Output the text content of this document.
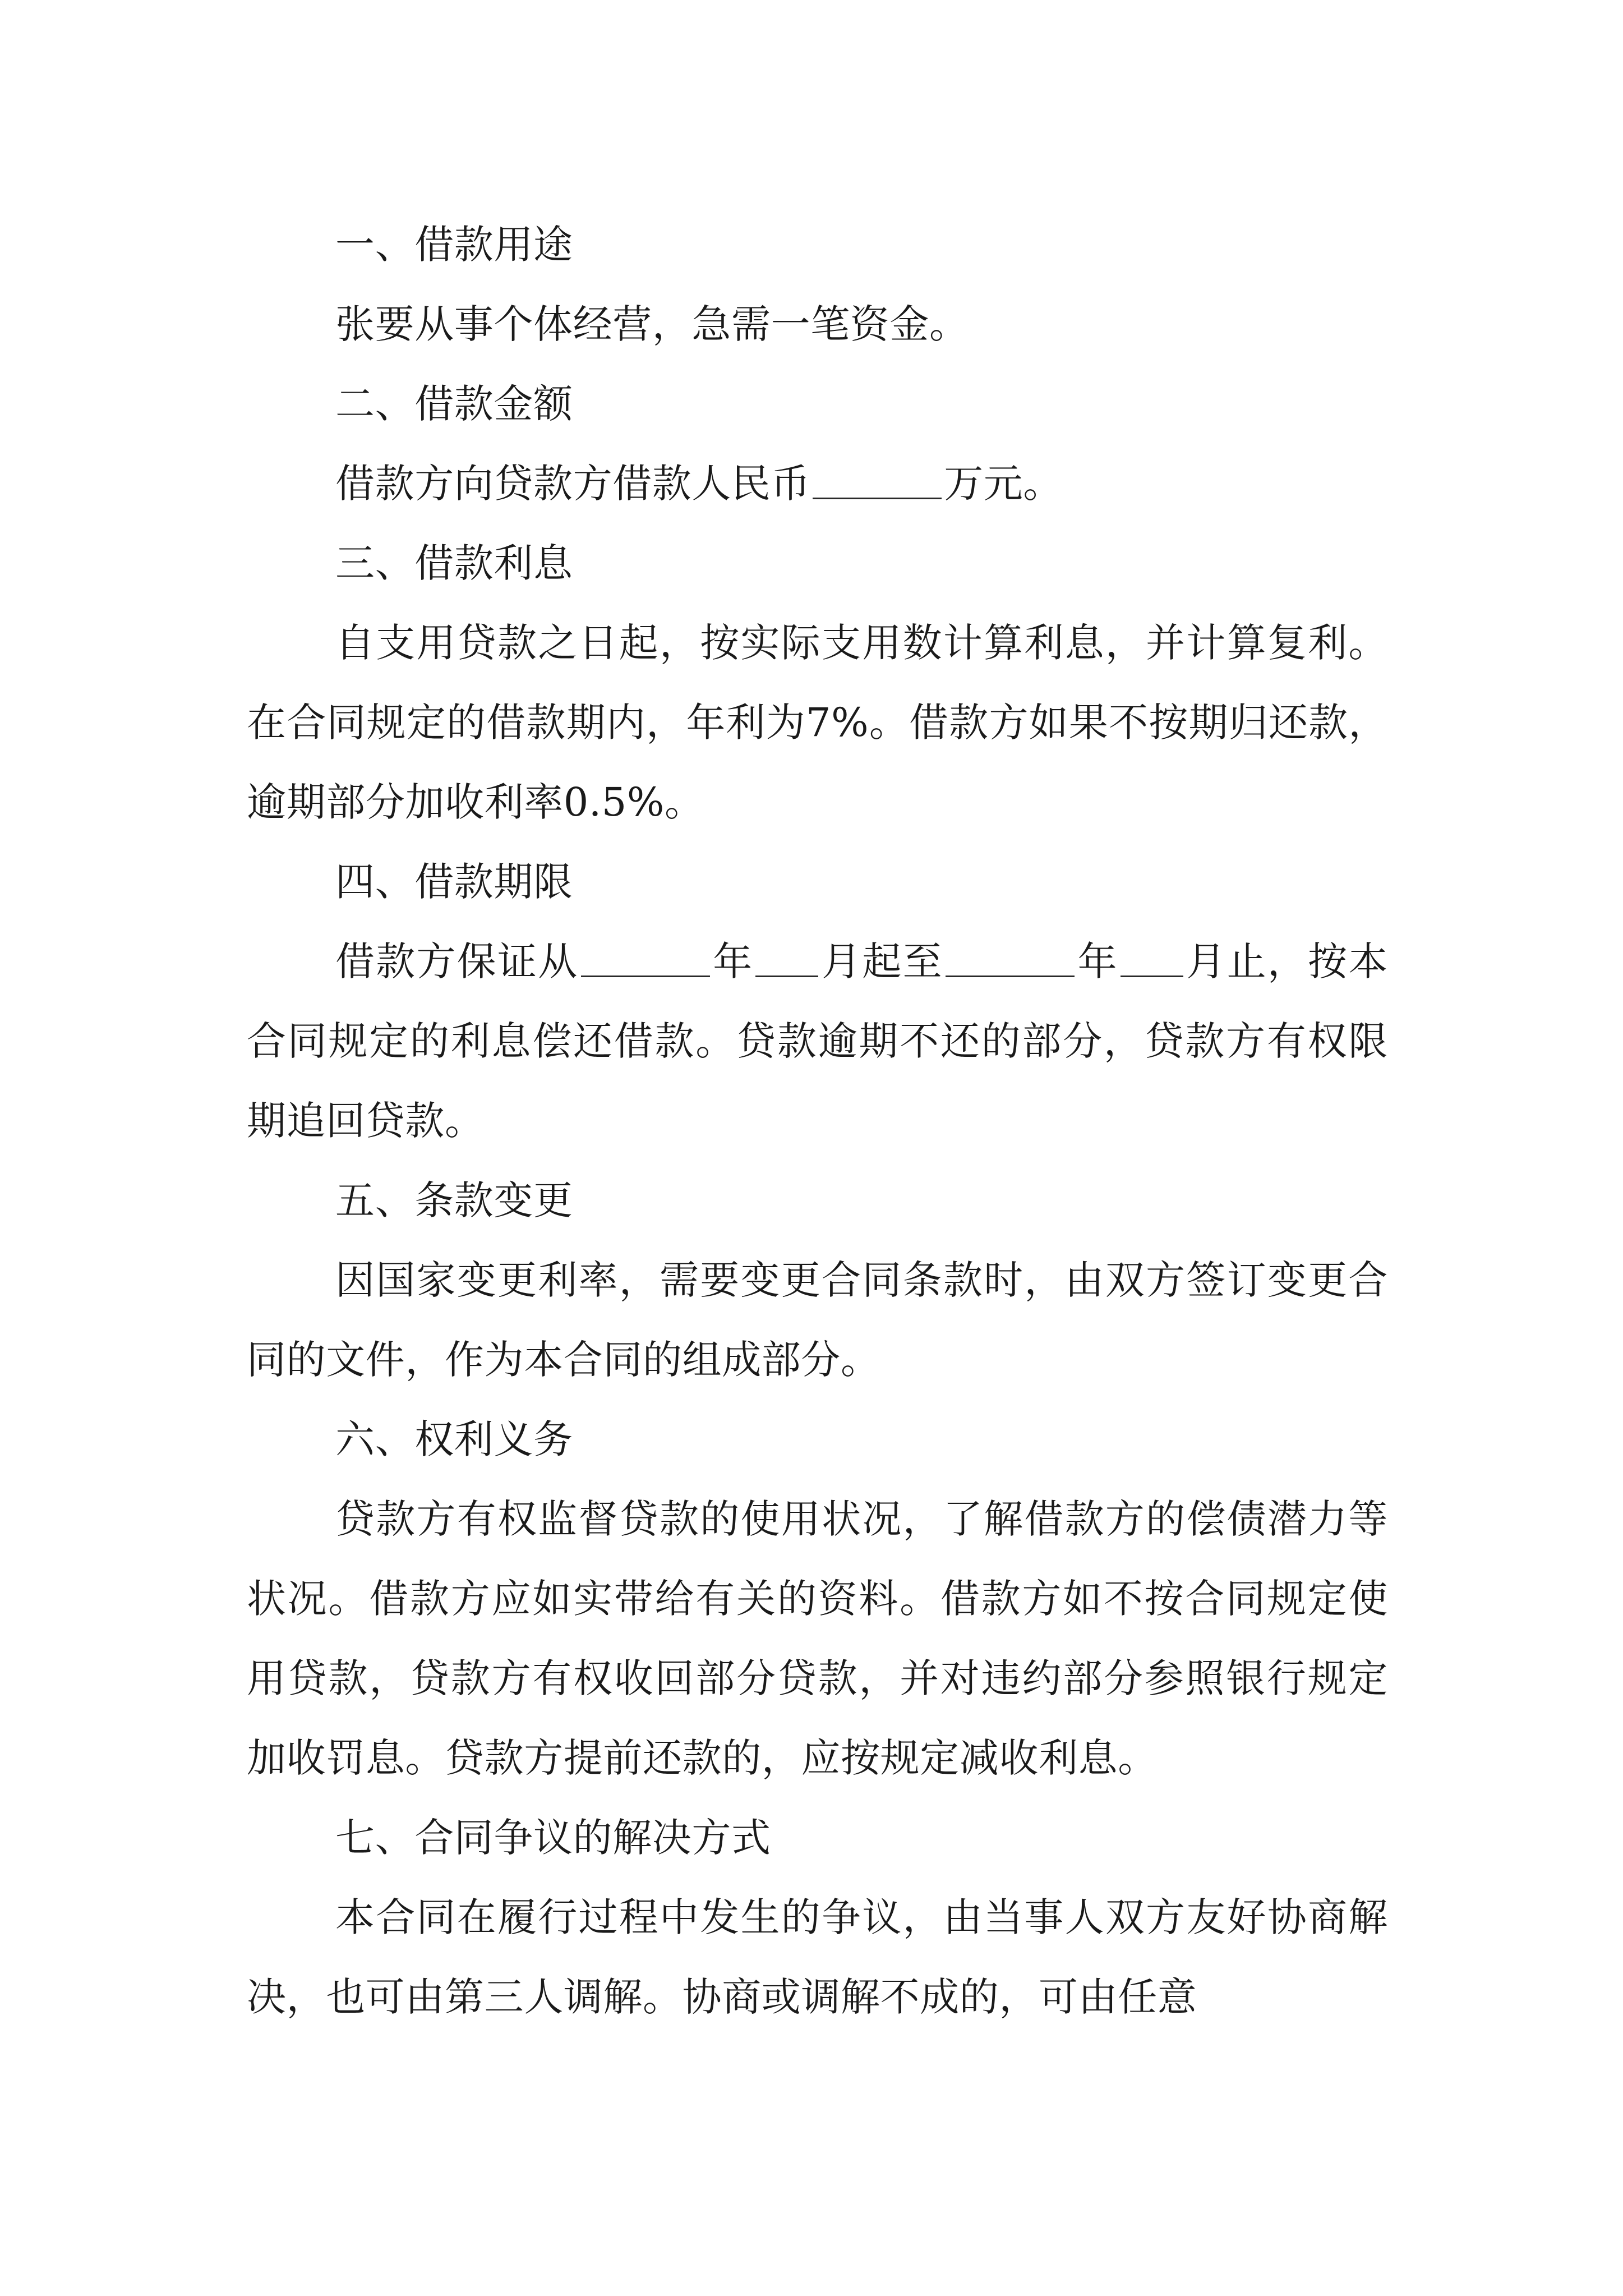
一、借款用途

张要从事个体经营，急需一笔资金。

二、借款金额

借款方向贷款方借款人民币	万元。

三、借款利息

自支用贷款之日起，按实际支用数计算利息，并计算复利。在合同规定的借款期内，年利为7%。借款方如果不按期归还款，逾期部分加收利率0.5%。

四、借款期限

借款方保证从	年 月起至	年 月止，按本合同规定的利息偿还借款。贷款逾期不还的部分，贷款方有权限期追回贷款。

五、条款变更

因国家变更利率，需要变更合同条款时，由双方签订变更合同的文件，作为本合同的组成部分。

六、权利义务

贷款方有权监督贷款的使用状况，了解借款方的偿债潜力等状况。借款方应如实带给有关的资料。借款方如不按合同规定使用贷款，贷款方有权收回部分贷款，并对违约部分参照银行规定加收罚息。贷款方提前还款的，应按规定减收利息。

七、合同争议的解决方式

本合同在履行过程中发生的争议，由当事人双方友好协商解决，也可由第三人调解。协商或调解不成的，可由任意
